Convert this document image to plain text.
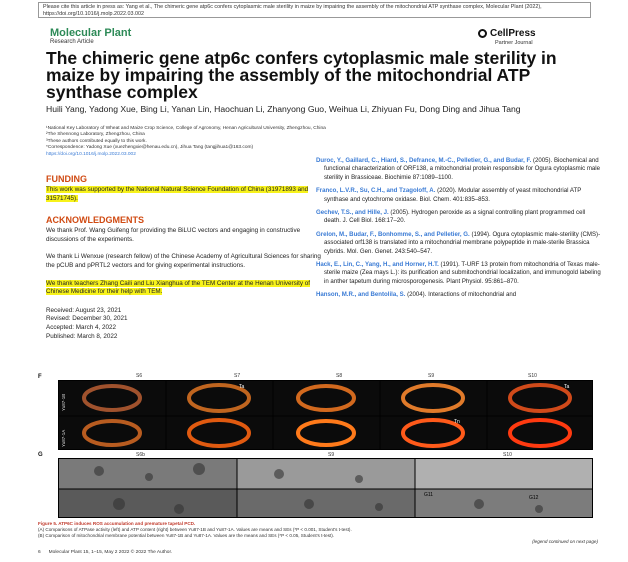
Please cite this article in press as: Yang et al., The chimeric gene atp6c confers cytoplasmic male sterility in maize by impairing the assembly of the mitochondrial ATP synthase complex, Molecular Plant (2022), https://doi.org/10.1016/j.molp.2022.03.002
Molecular Plant
Research Article
CellPress
Partner Journal
The chimeric gene atp6c confers cytoplasmic male sterility in maize by impairing the assembly of the mitochondrial ATP synthase complex
Huili Yang, Yadong Xue, Bing Li, Yanan Lin, Haochuan Li, Zhanyong Guo, Weihua Li, Zhiyuan Fu, Dong Ding and Jihua Tang
¹National Key Laboratory of Wheat and Maize Crop Science, College of Agronomy, Henan Agricultural University, Zhengzhou, China
²The Shennong Laboratory, Zhengzhou, China
³These authors contributed equally to this work.
*Correspondence: Yadong Xue (xuezhengxie@henau.edu.cn), Jihua Tang (tangjihua1@163.com)
https://doi.org/10.1016/j.molp.2022.03.002
FUNDING
This work was supported by the National Natural Science Foundation of China (31971893 and 31571745).
ACKNOWLEDGMENTS
We thank Prof. Wang Guifeng for providing the BiLUC vectors and engaging in constructive discussions of the experiments.
We thank Li Wenxue (research fellow) of the Chinese Academy of Agricultural Sciences for sharing the pCUB and pPRTL2 vectors and for giving experimental instructions.
We thank teachers Zhang Caili and Liu Xianghua of the TEM Center at the Henan University of Chinese Medicine for their help with TEM.
Received: August 23, 2021
Revised: December 30, 2021
Accepted: March 4, 2022
Published: March 8, 2022
Duroc, Y., Gaillard, C., Hiard, S., Defrance, M.-C., Pelletier, G., and Budar, F. (2005). Biochemical and functional characterization of ORF138, a mitochondrial protein responsible for Ogura cytoplasmic male sterility in Brassiceae. Biochimie 87:1089–1100.
Franco, L.V.R., Su, C.H., and Tzagoloff, A. (2020). Modular assembly of yeast mitochondrial ATP synthase and cytochrome oxidase. Biol. Chem. 401:835–853.
Gechev, T.S., and Hille, J. (2005). Hydrogen peroxide as a signal controlling plant programmed cell death. J. Cell Biol. 168:17–20.
Grelon, M., Budar, F., Bonhomme, S., and Pelletier, G. (1994). Ogura cytoplasmic male-sterility (CMS)-associated orf138 is translated into a mitochondrial membrane polypeptide in male-sterile Brassica cybrids. Mol. Gen. Genet. 243:540–547.
Hack, E., Lin, C., Yang, H., and Horner, H.T. (1991). T-URF 13 protein from mitochondria of Texas male-sterile maize (Zea mays L.): its purification and submitochondrial localization, and immunogold labeling in anther tapetum during microsporogenesis. Plant Physiol. 95:861–870.
Hanson, M.R., and Bentolila, S. (2004). Interactions of mitochondrial and
F	S6	S7	S8	S9	S10
Yu87-1B
Yu87-1A
Ta	Ta
Tn
G	S6b	S9	S10
G11	G12
Figure 5. ATP6C induces ROS accumulation and premature tapetal PCD.
(A) Comparisons of ATPase activity (left) and ATP content (right) between Yu87-1B and Yu87-1A. Values are means and SEs (*P < 0.001, Student's t-test).
(B) Comparison of mitochondrial membrane potential between Yu87-1B and Yu87-1A. Values are the means and SEs (*P < 0.05, Student's t-test).
(legend continued on next page)
6 Molecular Plant 15, 1–15, May 2 2022 © 2022 The Author.
